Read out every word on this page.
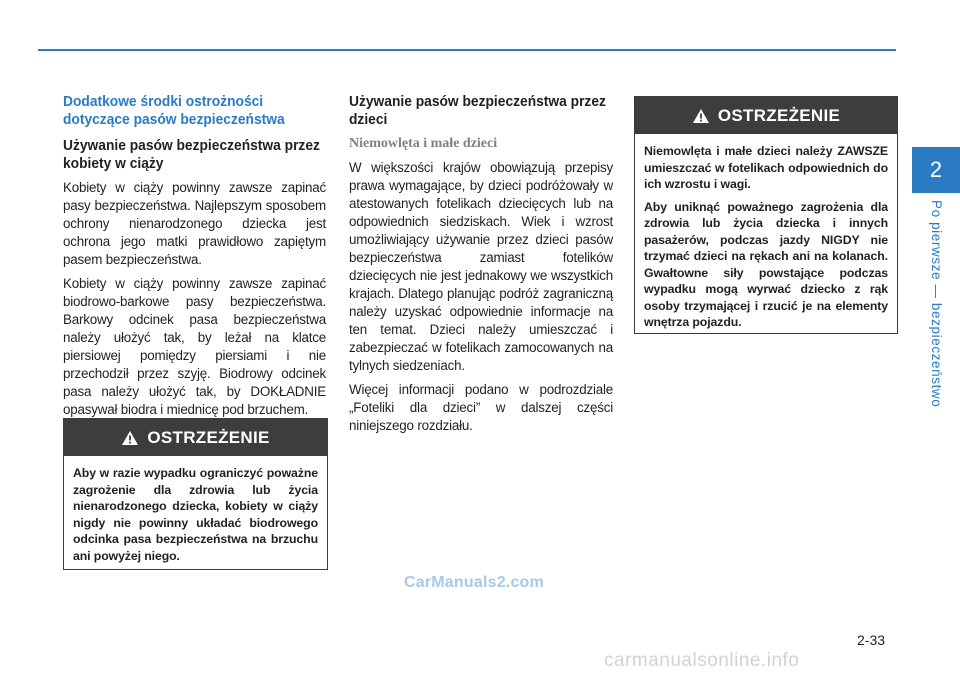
Dodatkowe środki ostrożności dotyczące pasów bezpieczeństwa
Używanie pasów bezpieczeństwa przez kobiety w ciąży

Kobiety w ciąży powinny zawsze zapinać pasy bezpieczeństwa. Najlepszym sposobem ochrony nienarodzonego dziecka jest ochrona jego matki prawidłowo zapiętym pasem bezpieczeństwa.

Kobiety w ciąży powinny zawsze zapinać biodrowo-barkowe pasy bezpieczeństwa. Barkowy odcinek pasa bezpieczeństwa należy ułożyć tak, by leżał na klatce piersiowej pomiędzy piersiami i nie przechodził przez szyję. Biodrowy odcinek pasa należy ułożyć tak, by DOKŁADNIE opasywał biodra i miednicę pod brzuchem.

OSTRZEŻENIE

Aby w razie wypadku ograniczyć poważne zagrożenie dla zdrowia lub życia nienarodzonego dziecka, kobiety w ciąży nigdy nie powinny układać biodrowego odcinka pasa bezpieczeństwa na brzuchu ani powyżej niego.

Używanie pasów bezpieczeństwa przez dzieci
Niemowlęta i małe dzieci

W większości krajów obowiązują przepisy prawa wymagające, by dzieci podróżowały w atestowanych fotelikach dziecięcych lub na odpowiednich siedziskach. Wiek i wzrost umożliwiający używanie przez dzieci pasów bezpieczeństwa zamiast fotelików dziecięcych nie jest jednakowy we wszystkich krajach. Dlatego planując podróż zagraniczną należy uzyskać odpowiednie informacje na ten temat. Dzieci należy umieszczać i zabezpieczać w fotelikach zamocowanych na tylnych siedzeniach.

Więcej informacji podano w podrozdziale „Foteliki dla dzieci” w dalszej części niniejszego rozdziału.

OSTRZEŻENIE

Niemowlęta i małe dzieci należy ZAWSZE umieszczać w fotelikach odpowiednich do ich wzrostu i wagi.

Aby uniknąć poważnego zagrożenia dla zdrowia lub życia dziecka i innych pasażerów, podczas jazdy NIGDY nie trzymać dzieci na rękach ani na kolanach. Gwałtowne siły powstające podczas wypadku mogą wyrwać dziecko z rąk osoby trzymającej i rzucić je na elementy wnętrza pojazdu.

2
Po pierwsze — bezpieczeństwo
CarManuals2.com
2-33
carmanualsonline.info
